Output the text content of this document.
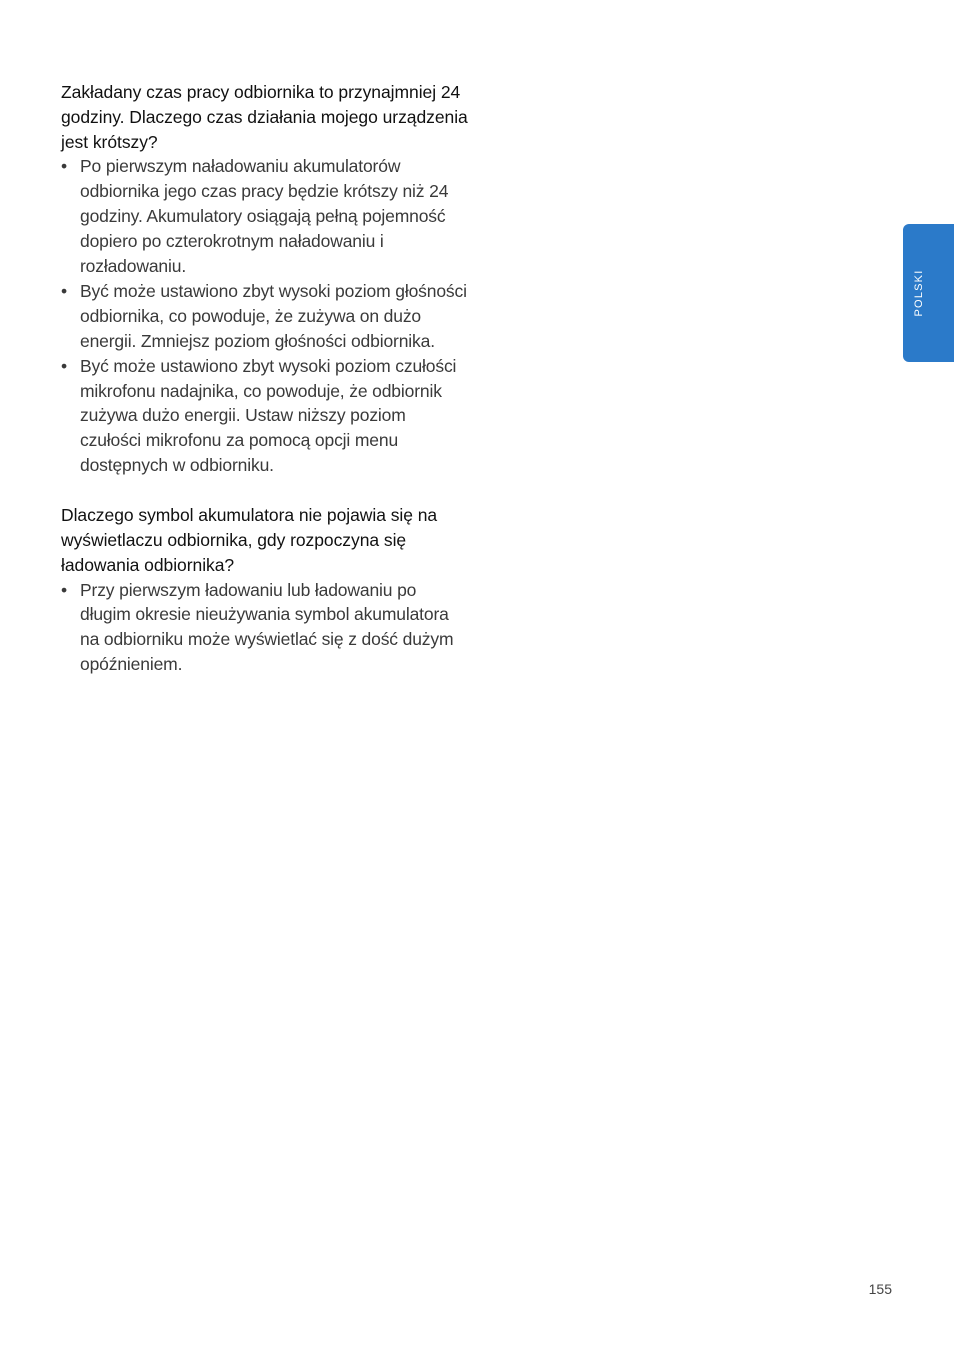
Zakładany czas pracy odbiornika to przynajmniej 24 godziny. Dlaczego czas działania mojego urządzenia jest krótszy?

• Po pierwszym naładowaniu akumulatorów odbiornika jego czas pracy będzie krótszy niż 24 godziny. Akumulatory osiągają pełną pojemność dopiero po czterokrotnym naładowaniu i rozładowaniu.
• Być może ustawiono zbyt wysoki poziom głośności odbiornika, co powoduje, że zużywa on dużo energii. Zmniejsz poziom głośności odbiornika.
• Być może ustawiono zbyt wysoki poziom czułości mikrofonu nadajnika, co powoduje, że odbiornik zużywa dużo energii. Ustaw niższy poziom czułości mikrofonu za pomocą opcji menu dostępnych w odbiorniku.

Dlaczego symbol akumulatora nie pojawia się na wyświetlaczu odbiornika, gdy rozpoczyna się ładowania odbiornika?

• Przy pierwszym ładowaniu lub ładowaniu po długim okresie nieużywania symbol akumulatora na odbiorniku może wyświetlać się z dość dużym opóźnieniem.
POLSKI
155
